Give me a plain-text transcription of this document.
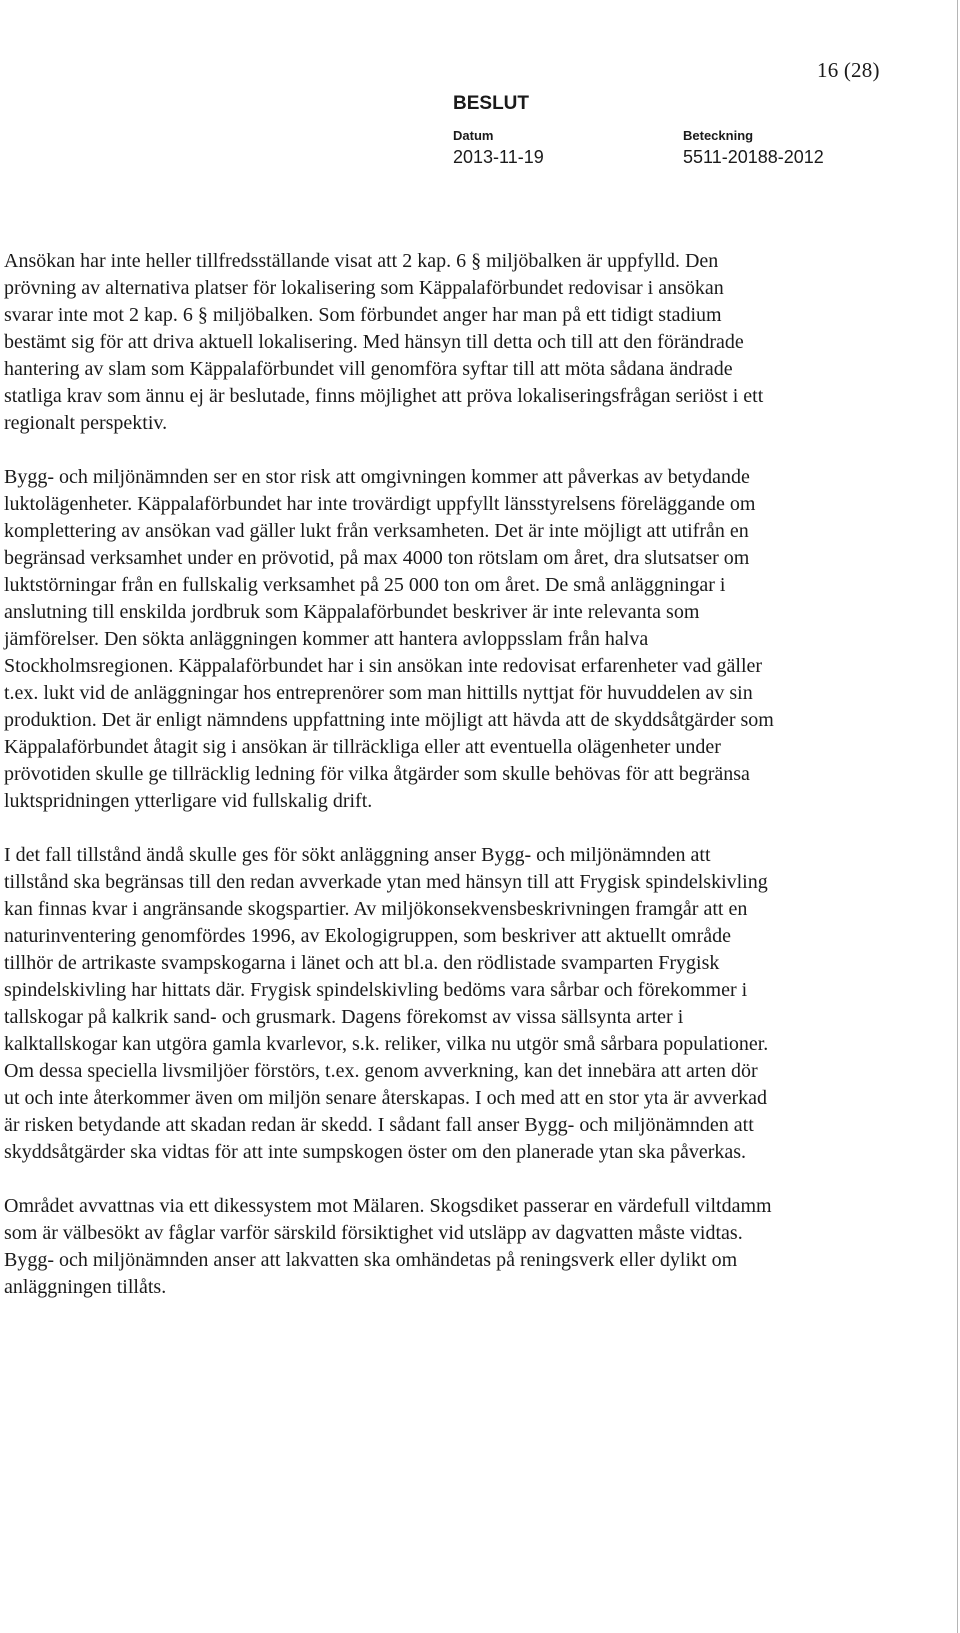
16 (28)
BESLUT
Datum
2013-11-19
Beteckning
5511-20188-2012

Ansökan har inte heller tillfredsställande visat att 2 kap. 6 § miljöbalken är uppfylld. Den prövning av alternativa platser för lokalisering som Käppalaförbundet redovisar i ansökan svarar inte mot 2 kap. 6 § miljöbalken. Som förbundet anger har man på ett tidigt stadium bestämt sig för att driva aktuell lokalisering. Med hänsyn till detta och till att den förändrade hantering av slam som Käppalaförbundet vill genomföra syftar till att möta sådana ändrade statliga krav som ännu ej är beslutade, finns möjlighet att pröva lokaliseringsfrågan seriöst i ett regionalt perspektiv.

Bygg- och miljönämnden ser en stor risk att omgivningen kommer att påverkas av betydande luktolägenheter. Käppalaförbundet har inte trovärdigt uppfyllt länsstyrelsens föreläggande om komplettering av ansökan vad gäller lukt från verksamheten. Det är inte möjligt att utifrån en begränsad verksamhet under en prövotid, på max 4000 ton rötslam om året, dra slutsatser om luktstörningar från en fullskalig verksamhet på 25 000 ton om året. De små anläggningar i anslutning till enskilda jordbruk som Käppalaförbundet beskriver är inte relevanta som jämförelser. Den sökta anläggningen kommer att hantera avloppsslam från halva Stockholmsregionen. Käppalaförbundet har i sin ansökan inte redovisat erfarenheter vad gäller t.ex. lukt vid de anläggningar hos entreprenörer som man hittills nyttjat för huvuddelen av sin produktion. Det är enligt nämndens uppfattning inte möjligt att hävda att de skyddsåtgärder som Käppalaförbundet åtagit sig i ansökan är tillräckliga eller att eventuella olägenheter under prövotiden skulle ge tillräcklig ledning för vilka åtgärder som skulle behövas för att begränsa luktspridningen ytterligare vid fullskalig drift.

I det fall tillstånd ändå skulle ges för sökt anläggning anser Bygg- och miljönämnden att tillstånd ska begränsas till den redan avverkade ytan med hänsyn till att Frygisk spindelskivling kan finnas kvar i angränsande skogspartier. Av miljökonsekvensbeskrivningen framgår att en naturinventering genomfördes 1996, av Ekologigruppen, som beskriver att aktuellt område tillhör de artrikaste svampskogarna i länet och att bl.a. den rödlistade svamparten Frygisk spindelskivling har hittats där. Frygisk spindelskivling bedöms vara sårbar och förekommer i tallskogar på kalkrik sand- och grusmark. Dagens förekomst av vissa sällsynta arter i kalktallskogar kan utgöra gamla kvarlevor, s.k. reliker, vilka nu utgör små sårbara populationer. Om dessa speciella livsmiljöer förstörs, t.ex. genom avverkning, kan det innebära att arten dör ut och inte återkommer även om miljön senare återskapas. I och med att en stor yta är avverkad är risken betydande att skadan redan är skedd. I sådant fall anser Bygg- och miljönämnden att skyddsåtgärder ska vidtas för att inte sumpskogen öster om den planerade ytan ska påverkas.

Området avvattnas via ett dikessystem mot Mälaren. Skogsdiket passerar en värdefull viltdamm som är välbesökt av fåglar varför särskild försiktighet vid utsläpp av dagvatten måste vidtas. Bygg- och miljönämnden anser att lakvatten ska omhändetas på reningsverk eller dylikt om anläggningen tillåts.
